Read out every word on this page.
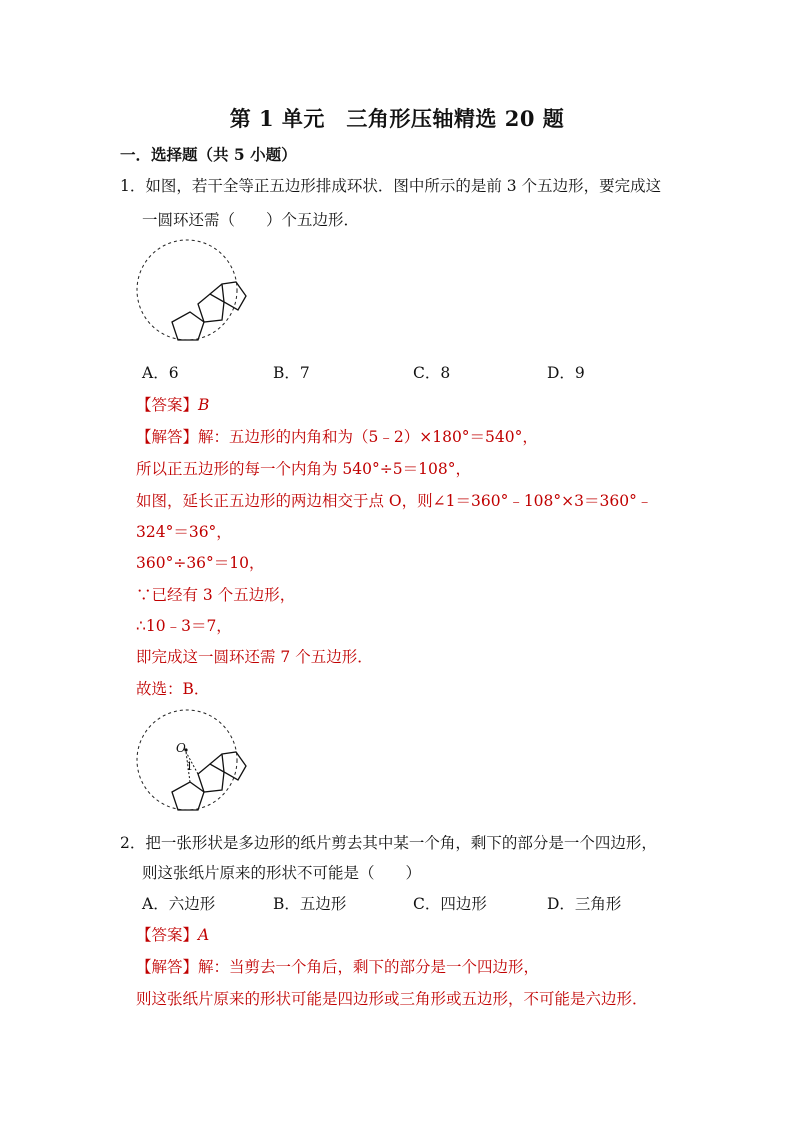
第 1 单元　三角形压轴精选 20 题
一．选择题（共 5 小题）
1．如图，若干全等正五边形排成环状．图中所示的是前 3 个五边形，要完成这
一圆环还需（　　）个五边形．
A．6	B．7	C．8	D．9
【答案】B
【解答】解：五边形的内角和为（5﹣2）×180°＝540°，
所以正五边形的每一个内角为 540°÷5＝108°，
如图，延长正五边形的两边相交于点 O，则∠1＝360°﹣108°×3＝360°﹣
324°＝36°，
360°÷36°＝10，
∵已经有 3 个五边形，
∴10﹣3＝7，
即完成这一圆环还需 7 个五边形．
故选：B．
O
1
2．把一张形状是多边形的纸片剪去其中某一个角，剩下的部分是一个四边形，
则这张纸片原来的形状不可能是（　　）
A．六边形	B．五边形	C．四边形	D．三角形
【答案】A
【解答】解：当剪去一个角后，剩下的部分是一个四边形，
则这张纸片原来的形状可能是四边形或三角形或五边形，不可能是六边形．
